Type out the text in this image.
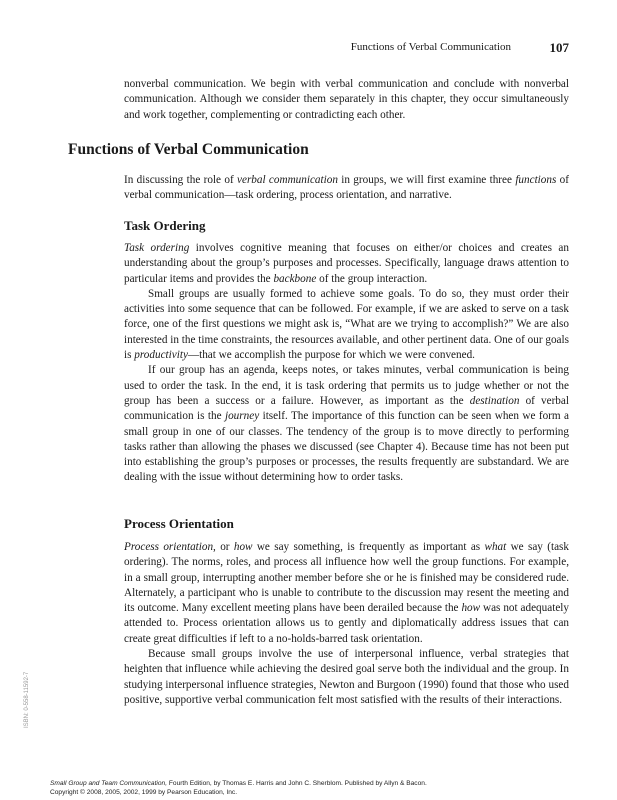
Functions of Verbal Communication	107

nonverbal communication. We begin with verbal communication and conclude with nonverbal communication. Although we consider them separately in this chapter, they occur simultaneously and work together, complementing or contradicting each other.

Functions of Verbal Communication

In discussing the role of verbal communication in groups, we will first examine three functions of verbal communication—task ordering, process orientation, and narrative.

Task Ordering

Task ordering involves cognitive meaning that focuses on either/or choices and creates an understanding about the group’s purposes and processes. Specifically, language draws attention to particular items and provides the backbone of the group interaction.

Small groups are usually formed to achieve some goals. To do so, they must order their activities into some sequence that can be followed. For example, if we are asked to serve on a task force, one of the first questions we might ask is, “What are we trying to accomplish?” We are also interested in the time constraints, the resources available, and other pertinent data. One of our goals is productivity—that we accomplish the purpose for which we were convened.

If our group has an agenda, keeps notes, or takes minutes, verbal communication is being used to order the task. In the end, it is task ordering that permits us to judge whether or not the group has been a success or a failure. However, as important as the destination of verbal communication is the journey itself. The importance of this function can be seen when we form a small group in one of our classes. The tendency of the group is to move directly to performing tasks rather than allowing the phases we discussed (see Chapter 4). Because time has not been put into establishing the group’s purposes or processes, the results frequently are substandard. We are dealing with the issue without determining how to order tasks.

Process Orientation

Process orientation, or how we say something, is frequently as important as what we say (task ordering). The norms, roles, and process all influence how well the group functions. For example, in a small group, interrupting another member before she or he is finished may be considered rude. Alternately, a participant who is unable to contribute to the discussion may resent the meeting and its outcome. Many excellent meeting plans have been derailed because the how was not adequately attended to. Process orientation allows us to gently and diplomatically address issues that can create great difficulties if left to a no-holds-barred task orientation.

Because small groups involve the use of interpersonal influence, verbal strategies that heighten that influence while achieving the desired goal serve both the individual and the group. In studying interpersonal influence strategies, Newton and Burgoon (1990) found that those who used positive, supportive verbal communication felt most satisfied with the results of their interactions.

ISBN: 0-558-11592-7
Small Group and Team Communication, Fourth Edition, by Thomas E. Harris and John C. Sherblom. Published by Allyn & Bacon.
Copyright © 2008, 2005, 2002, 1999 by Pearson Education, Inc.
